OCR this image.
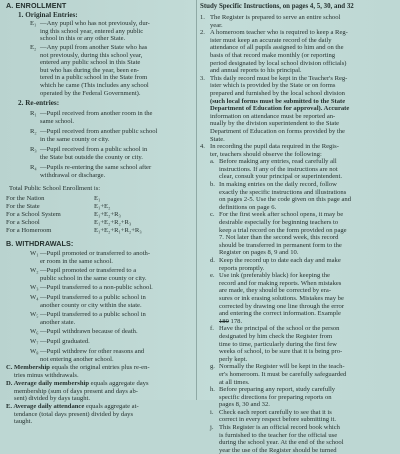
A. ENROLLMENT
1. Original Entries:
E₁ —Any pupil who has not previously, dur-
ing this school year, entered any public
school in this or any other State.
E₂ —Any pupil from another State who has
not previously, during this school year,
entered any public school in this State
but who has during the year, been en-
tered in a public school in the State from
which he came (This includes any school
operated by the Federal Government).
2. Re-entries:
R₁ —Pupil received from another room in the
same school.
R₂ —Pupil received from another public school
in the same county or city.
R₃ —Pupil received from a public school in
the State but outside the county or city.
R₄ —Pupils re-entering the same school after
withdrawal or discharge.
Total Public School Enrollment is:
For the Nation	E₁
For the State	E₁+E₂
For a School System	E₁+E₂+R₃
For a School	E₁+E₂+R₂+R₃
For a Homeroom	E₁+E₂+R₁+R₂+R₃
B. WITHDRAWALS:
W₁ —Pupil promoted or transferred to anoth-
er room in the same school.
W₂ —Pupil promoted or transferred to a
public school in the same county or city.
W₃ —Pupil transferred to a non-public school.
W₄ —Pupil transferred to a public school in
another county or city within the state.
W₅ —Pupil transferred to a public school in
another state.
W₆ —Pupil withdrawn because of death.
W₇ —Pupil graduated.
W₈ —Pupil withdrew for other reasons and
not entering another school.
C. Membership equals the original entries plus re-en-
tries minus withdrawals.
D. Average daily membership equals aggregate days
membership (sum of days present and days ab-
sent) divided by days taught.
E. Average daily attendance equals aggregate at-
tendance (total days present) divided by days
taught.
Study Specific Instructions, on pages 4, 5, 30, and 32
1. The Register is prepared to serve an entire school
year.
2. A homeroom teacher who is required to keep a Reg-
ister must keep an accurate record of the daily
attendance of all pupils assigned to him and on the
basis of that record make monthly (or reporting
period designated by local school division officials)
and annual reports to his principal.
3. This daily record must be kept in the Teacher's Reg-
ister which is provided by the State or on forms
prepared and furnished by the local school division
(such local forms must be submitted to the State
Department of Education for approval). Accurate
information on attendance must be reported an-
nually by the division superintendent to the State
Department of Education on forms provided by the
State.
4. In recording the pupil data required in the Regis-
ter, teachers should observe the following:
a. Before making any entries, read carefully all
instructions. If any of the instructions are not
clear, consult your principal or superintendent.
b. In making entries on the daily record, follow
exactly the specific instructions and illustrations
on pages 2-5. Use the code given on this page and
definitions on page 6.
c. For the first week after school opens, it may be
desirable especially for beginning teachers to
keep a trial record on the form provided on page
7. Not later than the second week, this record
should be transferred in permanent form to the
Register on pages 8, 9 and 10.
d. Keep the record up to date each day and make
reports promptly.
e. Use ink (preferably black) for keeping the
record and for making reports. When mistakes
are made, they should be corrected by era-
sures or ink erasing solutions. Mistakes may be
corrected by drawing one line through the error
and entering the correct information. Example
189 178.
f. Have the principal of the school or the person
designated by him check the Register from
time to time, particularly during the first few
weeks of school, to be sure that it is being pro-
perly kept.
g. Normally the Register will be kept in the teach-
er's homeroom. It must be carefully safeguarded
at all times.
h. Before preparing any report, study carefully
specific directions for preparing reports on
pages 8, 30 and 32.
i. Check each report carefully to see that it is
correct in every respect before submitting it.
j. This Register is an official record book which
is furnished to the teacher for the official use
during the school year. At the end of the school
year the use of the Register should be turned
